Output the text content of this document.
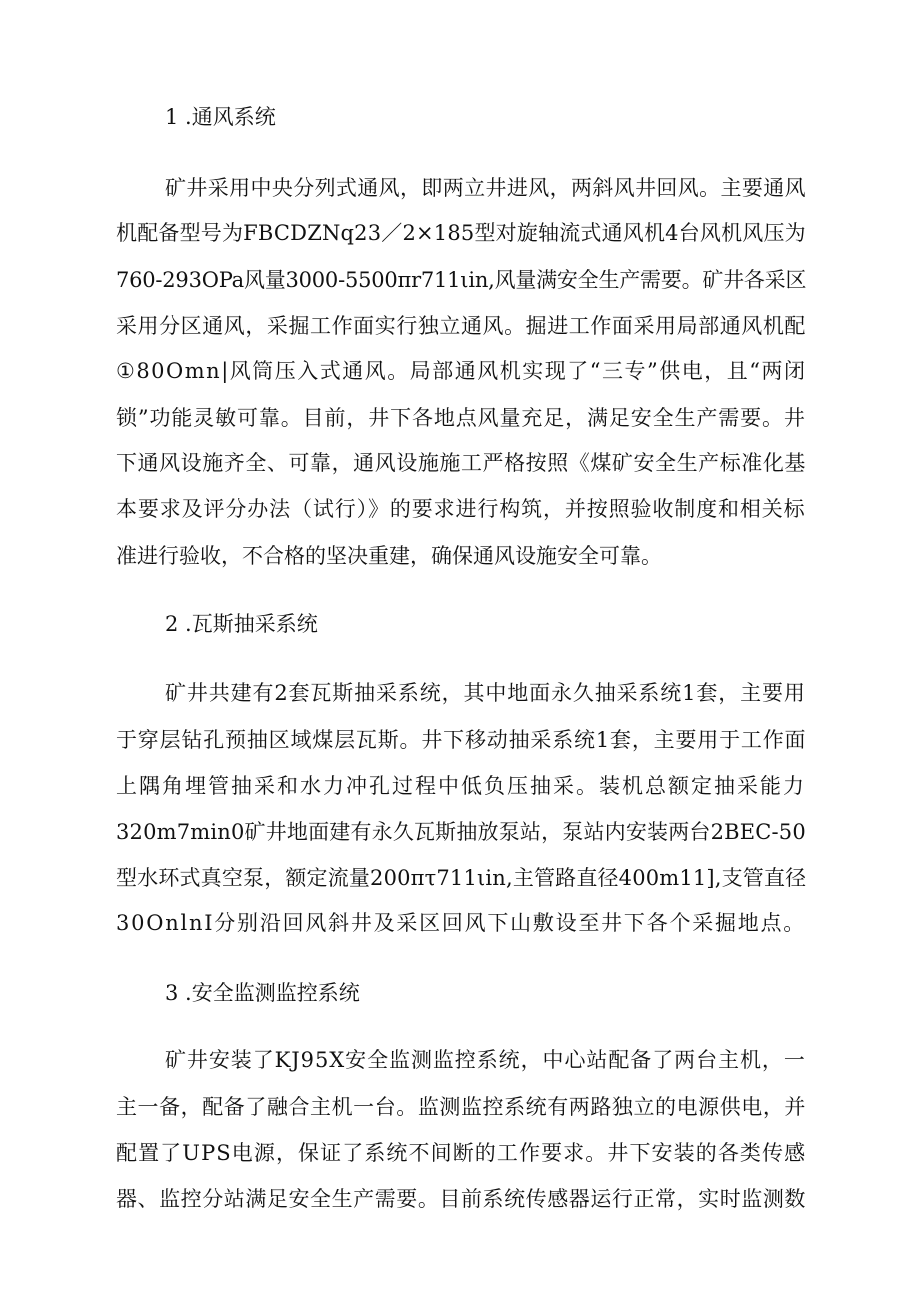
1 .通风系统

矿井采用中央分列式通风，即两立井进风，两斜风井回风。主要通风

机配备型号为FBCDZNq23／2×185型对旋轴流式通风机4台风机风压为

760-293OPa风量3000-5500πr711ιin,风量满安全生产需要。矿井各采区

采用分区通风，采掘工作面实行独立通风。掘进工作面采用局部通风机配

①80Omn|风筒压入式通风。局部通风机实现了“三专”供电，且“两闭

锁”功能灵敏可靠。目前，井下各地点风量充足，满足安全生产需要。井

下通风设施齐全、可靠，通风设施施工严格按照《煤矿安全生产标准化基

本要求及评分办法（试行）》的要求进行构筑，并按照验收制度和相关标

准进行验收，不合格的坚决重建，确保通风设施安全可靠。

2 .瓦斯抽采系统

矿井共建有2套瓦斯抽采系统，其中地面永久抽采系统1套，主要用

于穿层钻孔预抽区域煤层瓦斯。井下移动抽采系统1套，主要用于工作面

上隅角埋管抽采和水力冲孔过程中低负压抽采。装机总额定抽采能力

320m7min0矿井地面建有永久瓦斯抽放泵站，泵站内安装两台2BEC-50

型水环式真空泵，额定流量200πτ711ιin,主管路直径400m11],支管直径

30OnlnI分别沿回风斜井及采区回风下山敷设至井下各个采掘地点。

3 .安全监测监控系统

矿井安装了KJ95X安全监测监控系统，中心站配备了两台主机，一

主一备，配备了融合主机一台。监测监控系统有两路独立的电源供电，并

配置了UPS电源，保证了系统不间断的工作要求。井下安装的各类传感

器、监控分站满足安全生产需要。目前系统传感器运行正常，实时监测数
